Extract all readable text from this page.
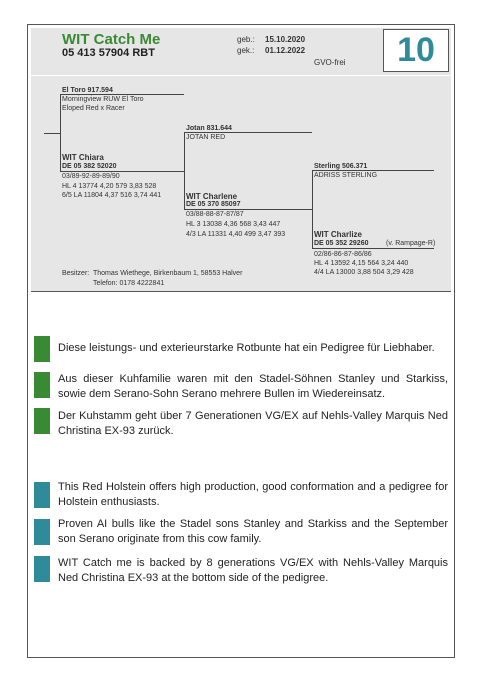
10
WIT Catch Me
05 413 57904 RBT
geb.: 15.10.2020
gek.: 01.12.2022
GVO-frei
El Toro 917.594
Morningview RUW El Toro
Eloped Red x Racer
Jotan 831.644
JOTAN RED
WIT Chiara
DE 05 382 52020
03/89-92-89-89/90
HL 4 13774 4,20 579 3,83 528
6/5 LA 11804 4,37 516 3,74 441
Sterling 506.371
ADRISS STERLING
WIT Charlene
DE 05 370 85097
03/88-88-87-87/87
HL 3 13038 4,36 568 3,43 447
4/3 LA 11331 4,40 499 3,47 393	WIT Charlize
DE 05 352 29260	(v. Rampage-R)
02/86-86-87-86/86
HL 4 13592 4,15 564 3,24 440
4/4 LA 13000 3,88 504 3,29 428
Besitzer: Thomas Wiethege, Birkenbaum 1, 58553 Halver
Telefon: 0178 4222841
Diese leistungs- und exterieurstarke Rotbunte hat ein Pedigree für Liebhaber.
Aus dieser Kuhfamilie waren mit den Stadel-Söhnen Stanley und Starkiss, sowie dem Serano-Sohn Serano mehrere Bullen im Wiedereinsatz.
Der Kuhstamm geht über 7 Generationen VG/EX auf Nehls-Valley Marquis Ned Christina EX-93 zurück.
This Red Holstein offers high production, good conformation and a pedigree for Holstein enthusiasts.
Proven AI bulls like the Stadel sons Stanley and Starkiss and the September son Serano originate from this cow family.
WIT Catch me is backed by 8 generations VG/EX with Nehls-Valley Marquis Ned Christina EX-93 at the bottom side of the pedigree.
